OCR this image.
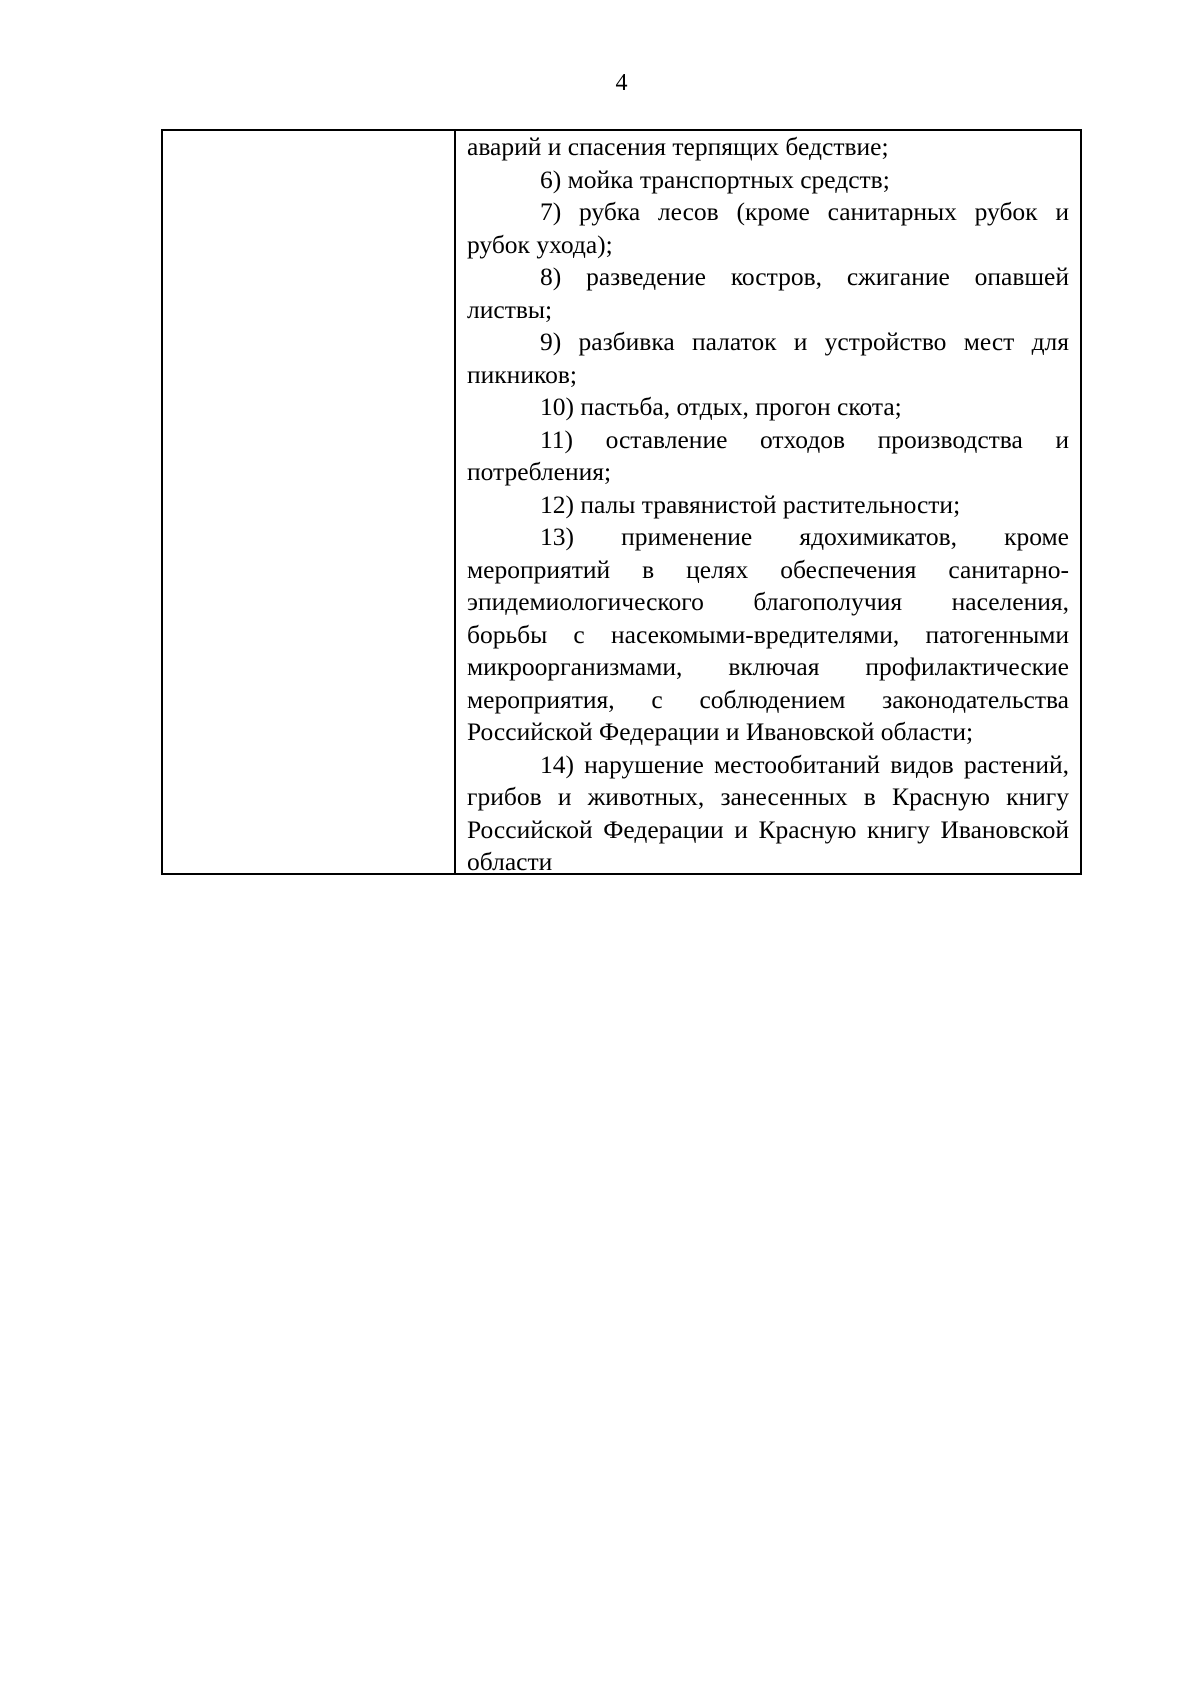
4

аварий и спасения терпящих бедствие;

6) мойка транспортных средств;

7) рубка лесов (кроме санитарных рубок и рубок ухода);

8) разведение костров, сжигание опавшей листвы;

9) разбивка палаток и устройство мест для пикников;

10) пастьба, отдых, прогон скота;

11) оставление отходов производства и потребления;

12) палы травянистой растительности;

13) применение ядохимикатов, кроме мероприятий в целях обеспечения санитарно-эпидемиологического благополучия населения, борьбы с насекомыми-вредителями, патогенными микроорганизмами, включая профилактические мероприятия, с соблюдением законодательства Российской Федерации и Ивановской области;

14) нарушение местообитаний видов растений, грибов и животных, занесенных в Красную книгу Российской Федерации и Красную книгу Ивановской области
